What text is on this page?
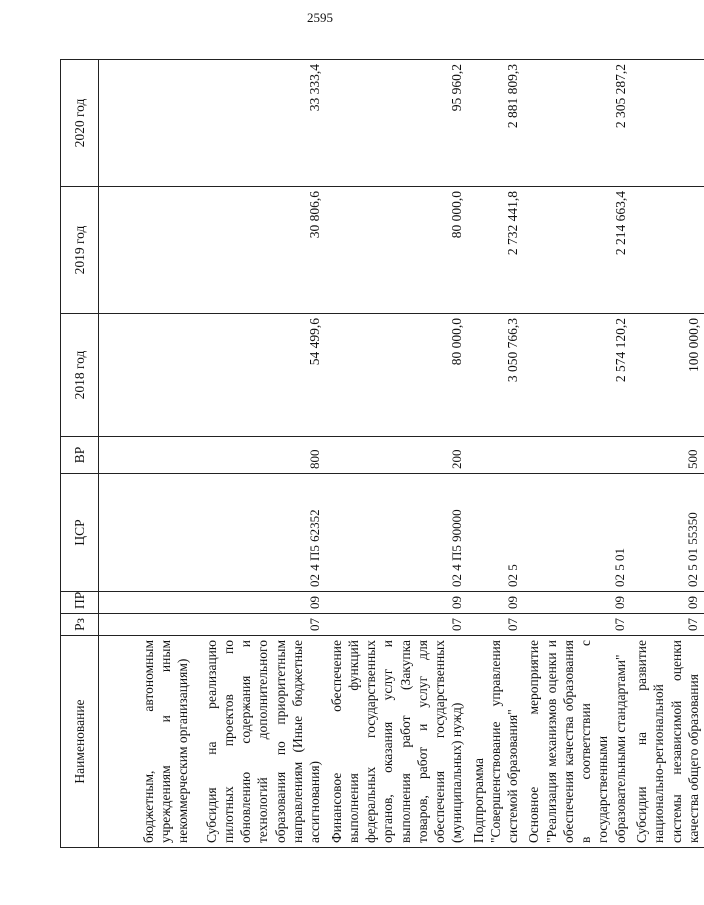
2595
Наименование	Рз	ПР	ЦСР	ВР	2018 год	2019 год	2020 год
бюджетным, автономным учреждениям и иным некоммерческим организациям)							
Субсидия на реализацию пилотных проектов по обновлению содержания и технологий дополнительного образования по приоритетным направлениям (Иные бюджетные ассигнования)	07	09	02 4 П5 62352	800	54 499,6	30 806,6	33 333,4
Финансовое обеспечение выполнения функций федеральных государственных органов, оказания услуг и выполнения работ (Закупка товаров, работ и услуг для обеспечения государственных (муниципальных) нужд)	07	09	02 4 П5 90000	200	80 000,0	80 000,0	95 960,2
Подпрограмма "Совершенствование управления системой образования"	07	09	02 5		3 050 766,3	2 732 441,8	2 881 809,3
Основное мероприятие "Реализация механизмов оценки и обеспечения качества образования в соответствии с государственными образовательными стандартами"	07	09	02 5 01		2 574 120,2	2 214 663,4	2 305 287,2
Субсидии на развитие национально-региональной системы независимой оценки качества общего образования	07	09	02 5 01 55350	500	100 000,0		
